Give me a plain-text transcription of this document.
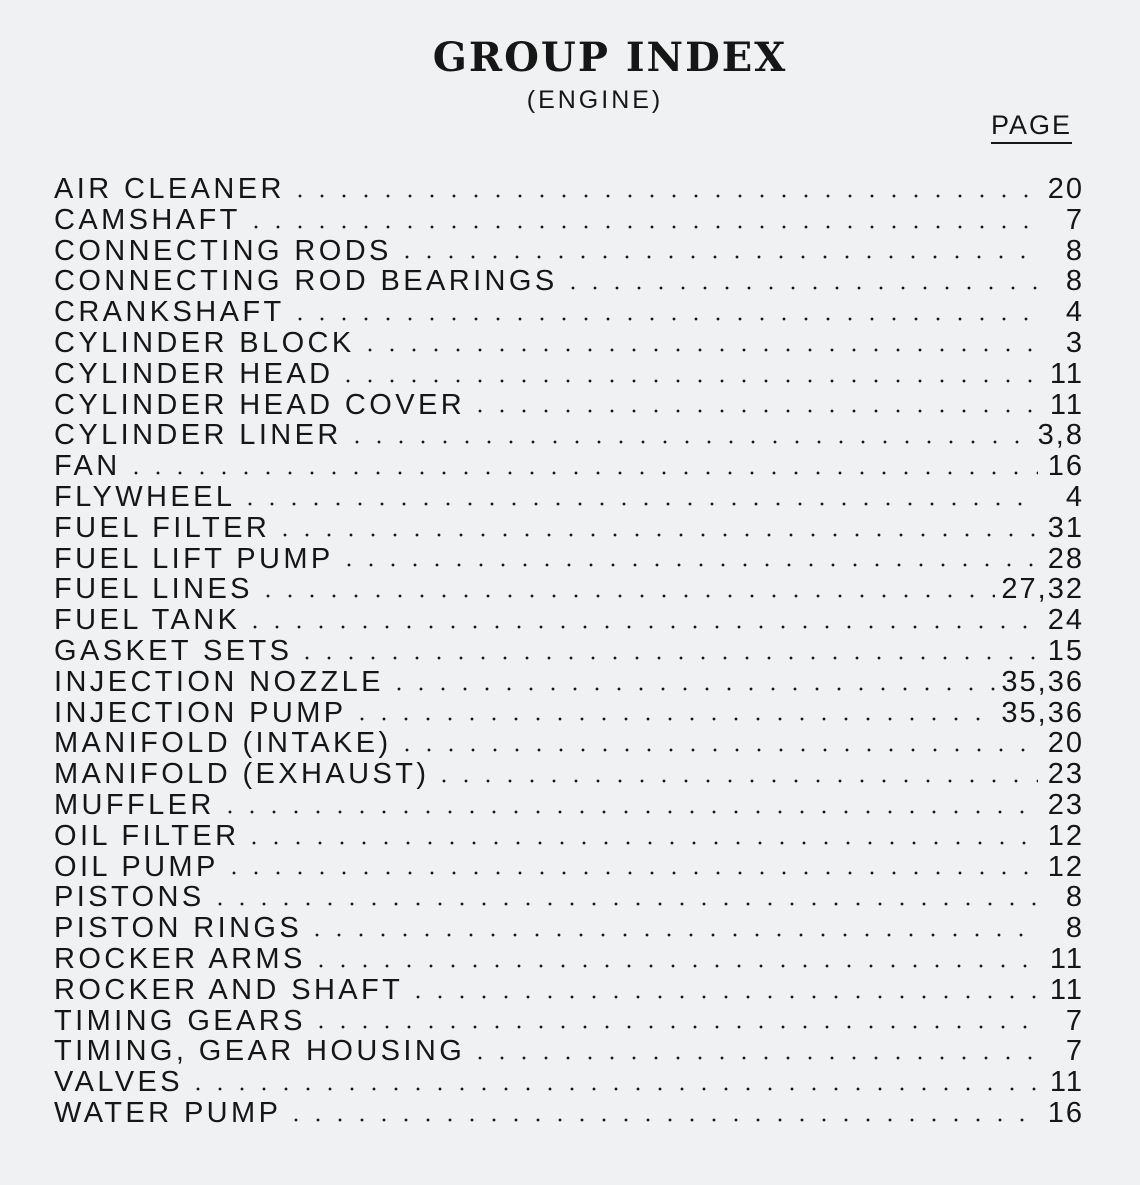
GROUP INDEX
(ENGINE)
PAGE
AIR CLEANER	20
CAMSHAFT	7
CONNECTING RODS	8
CONNECTING ROD BEARINGS	8
CRANKSHAFT	4
CYLINDER BLOCK	3
CYLINDER HEAD	11
CYLINDER HEAD COVER	11
CYLINDER LINER	3,8
FAN	16
FLYWHEEL	4
FUEL FILTER	31
FUEL LIFT PUMP	28
FUEL LINES	27,32
FUEL TANK	24
GASKET SETS	15
INJECTION NOZZLE	35,36
INJECTION PUMP	35,36
MANIFOLD (INTAKE)	20
MANIFOLD (EXHAUST)	23
MUFFLER	23
OIL FILTER	12
OIL PUMP	12
PISTONS	8
PISTON RINGS	8
ROCKER ARMS	11
ROCKER AND SHAFT	11
TIMING GEARS	7
TIMING, GEAR HOUSING	7
VALVES	11
WATER PUMP	16
